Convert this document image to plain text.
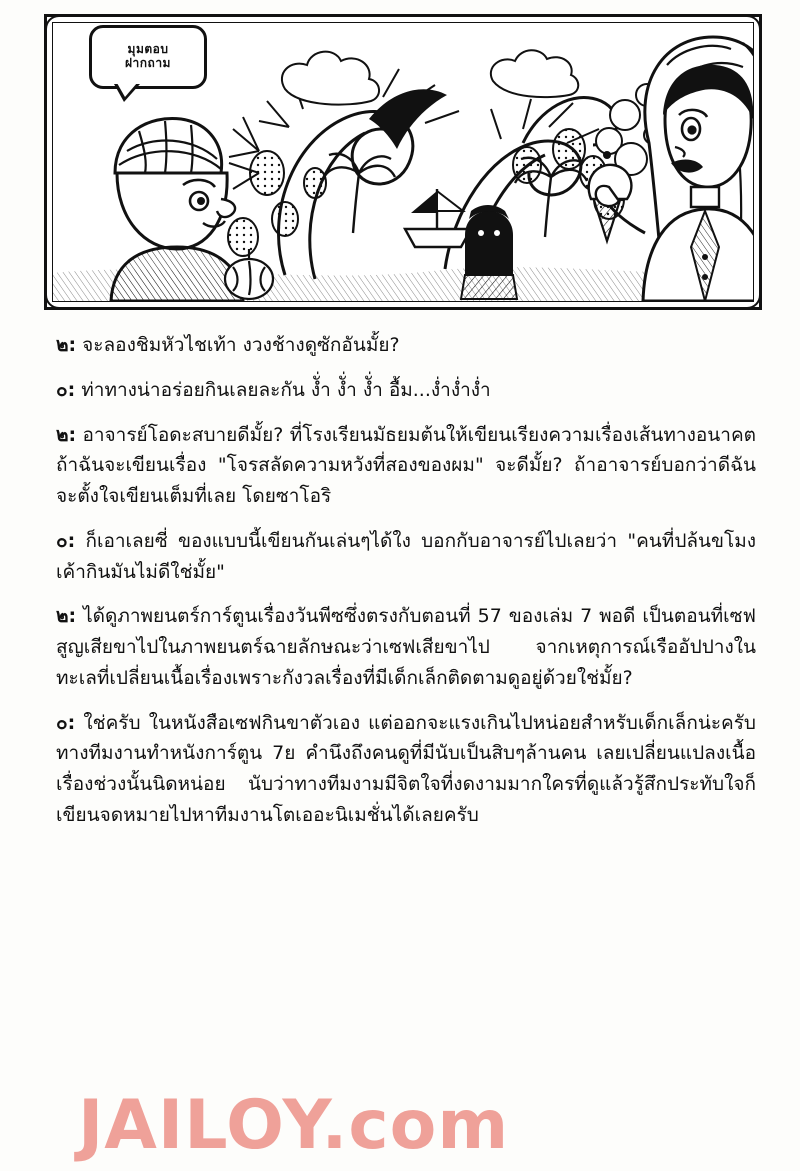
มุมตอบ
ฝากถาม
๒: จะลองชิมหัวไชเท้า งวงช้างดูซักอันมั้ย?
๐: ท่าทางน่าอร่อยกินเลยละกัน งั่ำ งั่ำ งั่ำ อื้ม...ง่ำง่ำง่ำ
๒: อาจารย์โอดะสบายดีมั้ย? ที่โรงเรียนมัธยมต้นให้เขียนเรียงความเรื่องเส้นทางอนาคต ถ้าฉันจะเขียนเรื่อง "โจรสลัดความหวังที่สองของผม" จะดีมั้ย? ถ้าอาจารย์บอกว่าดีฉันจะตั้งใจเขียนเต็มที่เลย โดยซาโอริ
๐: ก็เอาเลยซี่ ของแบบนี้เขียนกันเล่นๆได้ใง บอกกับอาจารย์ไปเลยว่า "คนที่ปล้นขโมงเค้ากินมันไม่ดีใช่มั้ย"
๒: ได้ดูภาพยนตร์การ์ตูนเรื่องวันพีซซึ่งตรงกับตอนที่ 57 ของเล่ม 7 พอดี เป็นตอนที่เซฟสูญเสียขาไปในภาพยนตร์ฉายลักษณะว่าเซฟเสียขาไป จากเหตุการณ์เรืออัปปางในทะเลที่เปลี่ยนเนื้อเรื่องเพราะกังวลเรื่องที่มีเด็กเล็กติดตามดูอยู่ด้วยใช่มั้ย?
๐: ใช่ครับ ในหนังสือเซฟกินขาตัวเอง แต่ออกจะแรงเกินไปหน่อยสำหรับเด็กเล็กน่ะครับ ทางทีมงานทำหนังการ์ตูน 7ย คำนึงถึงคนดูที่มีนับเป็นสิบๆล้านคน เลยเปลี่ยนแปลงเนื้อเรื่องช่วงนั้นนิดหน่อย นับว่าทางทีมงามมีจิตใจที่งดงามมากใครที่ดูแล้วรู้สึกประทับใจก็เขียนจดหมายไปหาทีมงานโตเออะนิเมชั่นได้เลยครับ
JAILOY.com
